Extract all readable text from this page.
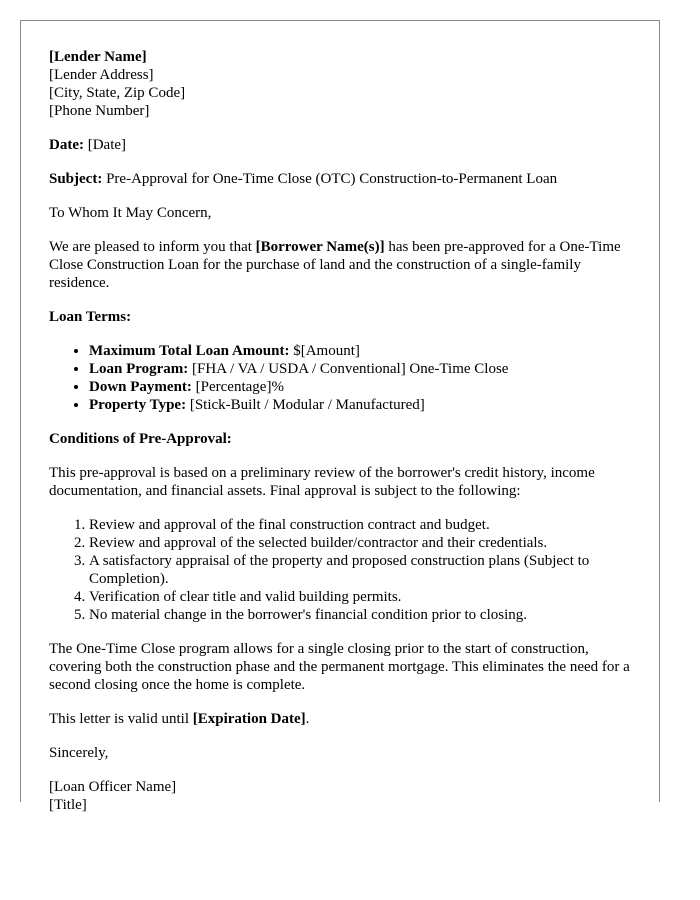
[Lender Name]
[Lender Address]
[City, State, Zip Code]
[Phone Number]
Date: [Date]
Subject: Pre-Approval for One-Time Close (OTC) Construction-to-Permanent Loan
To Whom It May Concern,
We are pleased to inform you that [Borrower Name(s)] has been pre-approved for a One-Time Close Construction Loan for the purchase of land and the construction of a single-family residence.
Loan Terms:
• Maximum Total Loan Amount: $[Amount]
• Loan Program: [FHA / VA / USDA / Conventional] One-Time Close
• Down Payment: [Percentage]%
• Property Type: [Stick-Built / Modular / Manufactured]
Conditions of Pre-Approval:
This pre-approval is based on a preliminary review of the borrower's credit history, income documentation, and financial assets. Final approval is subject to the following:
1. Review and approval of the final construction contract and budget.
2. Review and approval of the selected builder/contractor and their credentials.
3. A satisfactory appraisal of the property and proposed construction plans (Subject to Completion).
4. Verification of clear title and valid building permits.
5. No material change in the borrower's financial condition prior to closing.
The One-Time Close program allows for a single closing prior to the start of construction, covering both the construction phase and the permanent mortgage. This eliminates the need for a second closing once the home is complete.
This letter is valid until [Expiration Date].
Sincerely,
[Loan Officer Name]
[Title]
